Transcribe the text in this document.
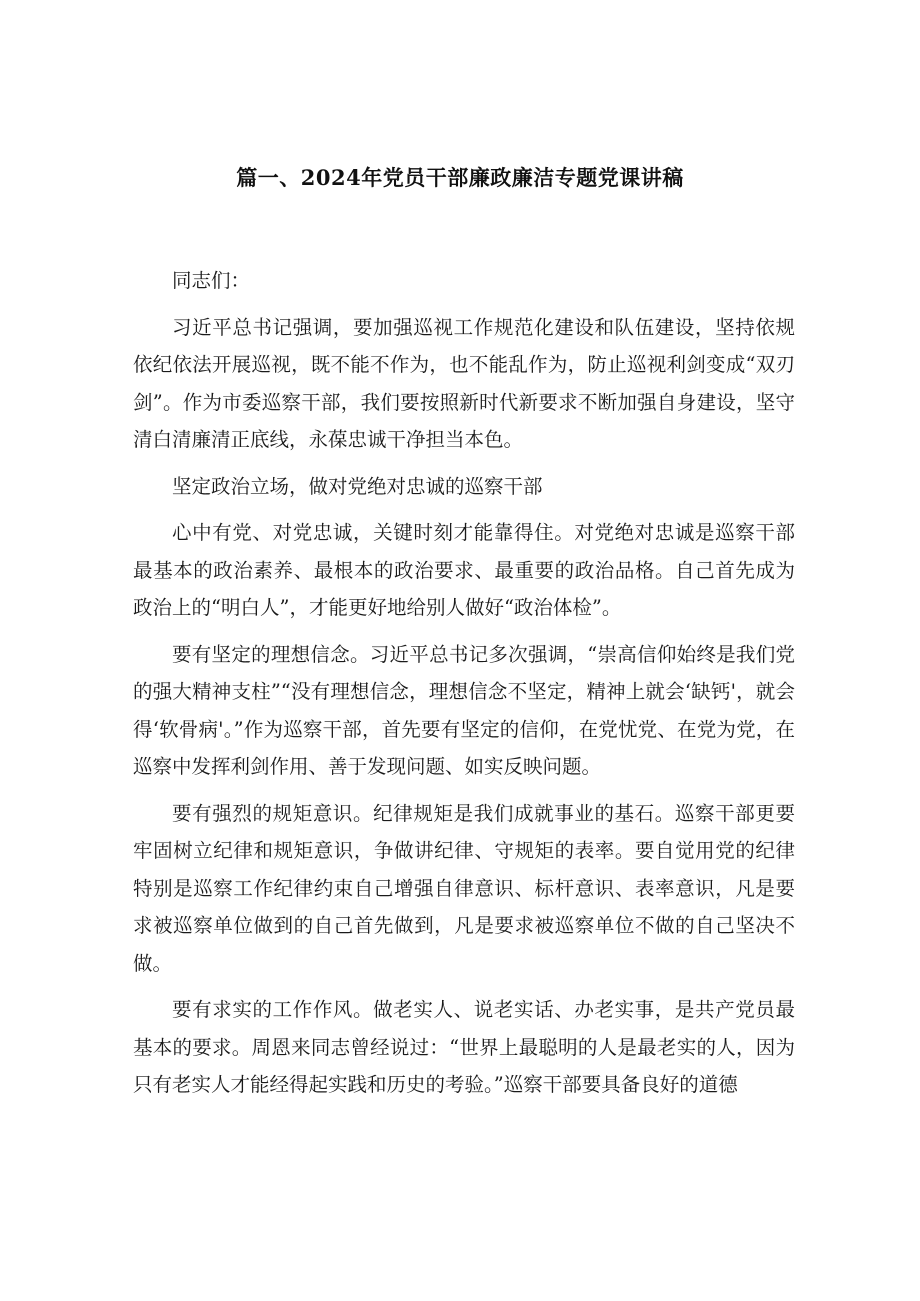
篇一、2024年党员干部廉政廉洁专题党课讲稿

同志们：

习近平总书记强调，要加强巡视工作规范化建设和队伍建设，坚持依规依纪依法开展巡视，既不能不作为，也不能乱作为，防止巡视利剑变成“双刃剑”。作为市委巡察干部，我们要按照新时代新要求不断加强自身建设，坚守清白清廉清正底线，永葆忠诚干净担当本色。

坚定政治立场，做对党绝对忠诚的巡察干部

心中有党、对党忠诚，关键时刻才能靠得住。对党绝对忠诚是巡察干部最基本的政治素养、最根本的政治要求、最重要的政治品格。自己首先成为政治上的“明白人”，才能更好地给别人做好“政治体检”。

要有坚定的理想信念。习近平总书记多次强调，“崇高信仰始终是我们党的强大精神支柱”“没有理想信念，理想信念不坚定，精神上就会‘缺钙'，就会得‘软骨病'。”作为巡察干部，首先要有坚定的信仰，在党忧党、在党为党，在巡察中发挥利剑作用、善于发现问题、如实反映问题。

要有强烈的规矩意识。纪律规矩是我们成就事业的基石。巡察干部更要牢固树立纪律和规矩意识，争做讲纪律、守规矩的表率。要自觉用党的纪律特别是巡察工作纪律约束自己增强自律意识、标杆意识、表率意识，凡是要求被巡察单位做到的自己首先做到，凡是要求被巡察单位不做的自己坚决不做。

要有求实的工作作风。做老实人、说老实话、办老实事，是共产党员最基本的要求。周恩来同志曾经说过：“世界上最聪明的人是最老实的人，因为只有老实人才能经得起实践和历史的考验。”巡察干部要具备良好的道德
